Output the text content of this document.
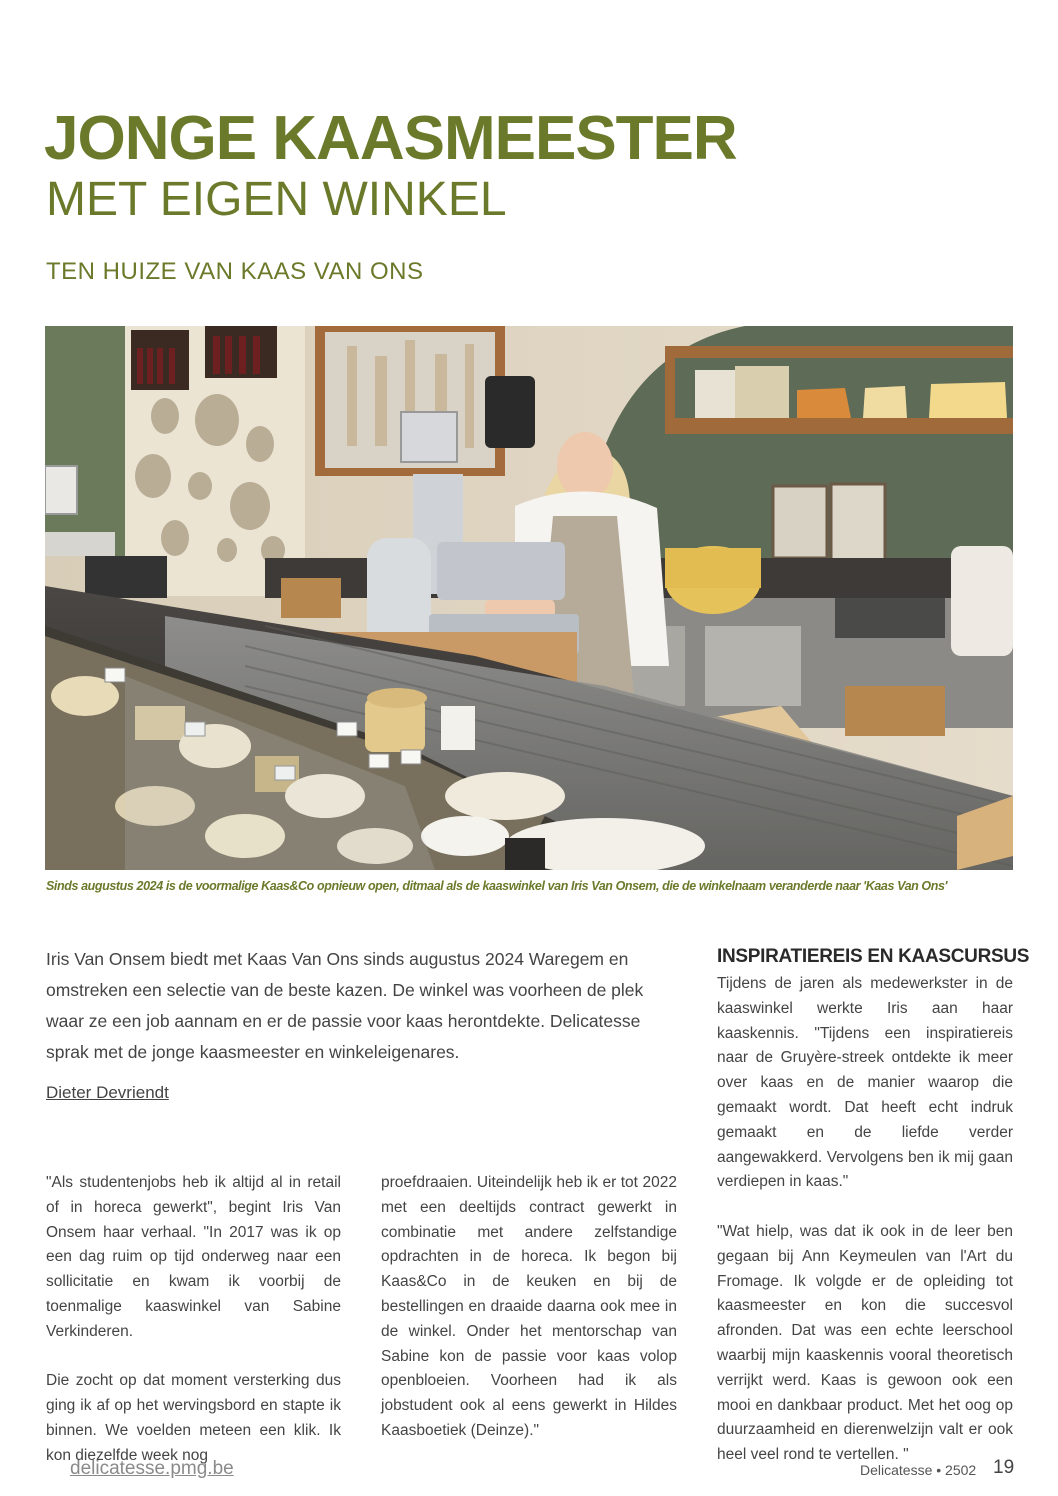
JONGE KAASMEESTER
MET EIGEN WINKEL
TEN HUIZE VAN KAAS VAN ONS
Sinds augustus 2024 is de voormalige Kaas&Co opnieuw open, ditmaal als de kaaswinkel van Iris Van Onsem, die de winkelnaam veranderde naar 'Kaas Van Ons'
Iris Van Onsem biedt met Kaas Van Ons sinds augustus 2024 Waregem en omstreken een selectie van de beste kazen. De winkel was voorheen de plek waar ze een job aannam en er de passie voor kaas herontdekte. Delicatesse sprak met de jonge kaasmeester en winkeleigenares.
Dieter Devriendt

"Als studentenjobs heb ik altijd al in retail of in horeca gewerkt", begint Iris Van Onsem haar verhaal. "In 2017 was ik op een dag ruim op tijd onderweg naar een sollicitatie en kwam ik voorbij de toenmalige kaaswinkel van Sabine Verkinderen.

Die zocht op dat moment versterking dus ging ik af op het wervingsbord en stapte ik binnen. We voelden meteen een klik. Ik kon diezelfde week nog

proefdraaien. Uiteindelijk heb ik er tot 2022 met een deeltijds contract gewerkt in combinatie met andere zelfstandige opdrachten in de horeca. Ik begon bij Kaas&Co in de keuken en bij de bestellingen en draaide daarna ook mee in de winkel. Onder het mentorschap van Sabine kon de passie voor kaas volop openbloeien. Voorheen had ik als jobstudent ook al eens gewerkt in Hildes Kaasboetiek (Deinze)."

INSPIRATIEREIS EN KAASCURSUS

Tijdens de jaren als medewerkster in de kaaswinkel werkte Iris aan haar kaaskennis. "Tijdens een inspiratiereis naar de Gruyère-streek ontdekte ik meer over kaas en de manier waarop die gemaakt wordt. Dat heeft echt indruk gemaakt en de liefde verder aangewakkerd. Vervolgens ben ik mij gaan verdiepen in kaas."

"Wat hielp, was dat ik ook in de leer ben gegaan bij Ann Keymeulen van l'Art du Fromage. Ik volgde er de opleiding tot kaasmeester en kon die succesvol afronden. Dat was een echte leerschool waarbij mijn kaaskennis vooral theoretisch verrijkt werd. Kaas is gewoon ook een mooi en dankbaar product. Met het oog op duurzaamheid en dierenwelzijn valt er ook heel veel rond te vertellen. "

delicatesse.pmg.be	Delicatesse • 2502 19
